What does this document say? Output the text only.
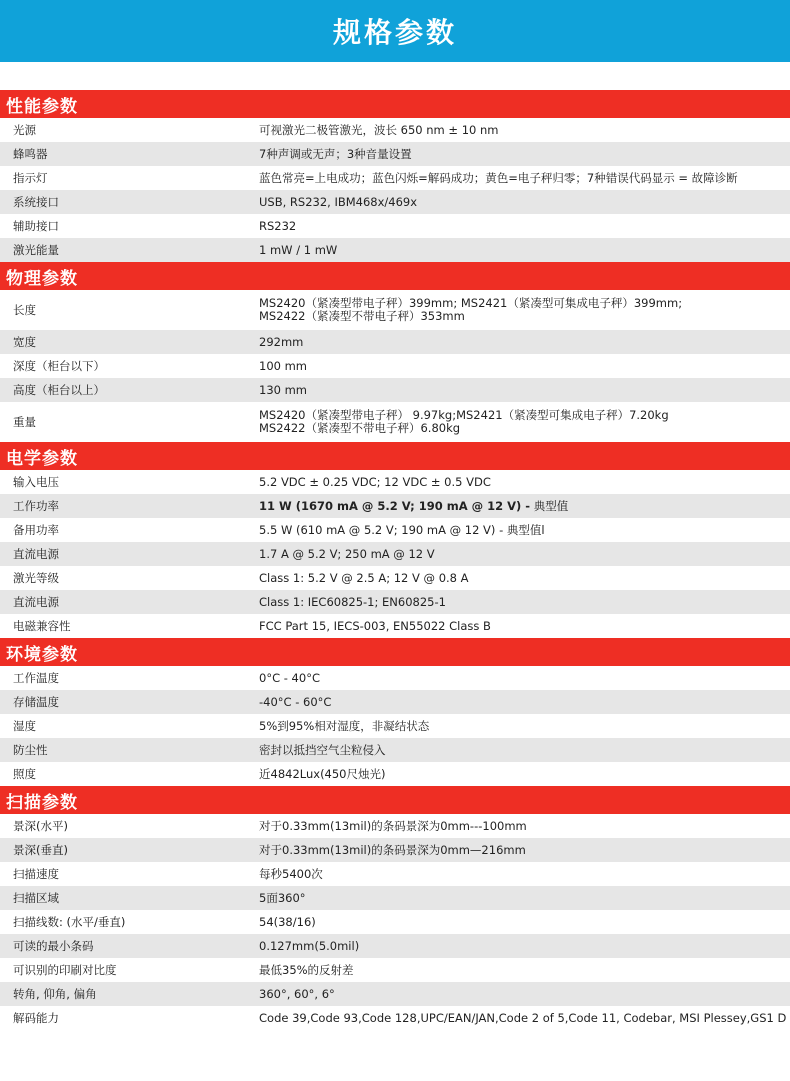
规格参数
性能参数
光源	可视激光二极管激光，波长 650 nm ± 10 nm
蜂鸣器	7种声调或无声；3种音量设置
指示灯	蓝色常亮=上电成功；蓝色闪烁=解码成功；黄色=电子秤归零；7种错误代码显示 = 故障诊断
系统接口	USB, RS232, IBM468x/469x
辅助接口	RS232
激光能量	1 mW / 1 mW
物理参数
长度	MS2420（紧凑型带电子秤）399mm; MS2421（紧凑型可集成电子秤）399mm;
MS2422（紧凑型不带电子秤）353mm
宽度	292mm
深度（柜台以下）	100 mm
高度（柜台以上）	130 mm
重量	MS2420（紧凑型带电子秤） 9.97kg;MS2421（紧凑型可集成电子秤）7.20kg
MS2422（紧凑型不带电子秤）6.80kg
电学参数
输入电压	5.2 VDC ± 0.25 VDC; 12 VDC ± 0.5 VDC
工作功率	11 W (1670 mA @ 5.2 V; 190 mA @ 12 V) - 典型值
备用功率	5.5 W (610 mA @ 5.2 V; 190 mA @ 12 V) - 典型值l
直流电源	1.7 A @ 5.2 V; 250 mA @ 12 V
激光等级	Class 1: 5.2 V @ 2.5 A; 12 V @ 0.8 A
直流电源	Class 1: IEC60825-1; EN60825-1
电磁兼容性	FCC Part 15, IECS-003, EN55022 Class B
环境参数
工作温度	0°C - 40°C
存储温度	-40°C - 60°C
湿度	5%到95%相对湿度，非凝结状态
防尘性	密封以抵挡空气尘粒侵入
照度	近4842Lux(450尺烛光)
扫描参数
景深(水平)	对于0.33mm(13mil)的条码景深为0mm---100mm
景深(垂直)	对于0.33mm(13mil)的条码景深为0mm—216mm
扫描速度	每秒5400次
扫描区域	5面360°
扫描线数: (水平/垂直)	54(38/16)
可读的最小条码	0.127mm(5.0mil)
可识别的印刷对比度	最低35%的反射差
转角, 仰角, 偏角	360°, 60°, 6°
解码能力	Code 39,Code 93,Code 128,UPC/EAN/JAN,Code 2 of 5,Code 11, Codebar, MSI Plessey,GS1 D
